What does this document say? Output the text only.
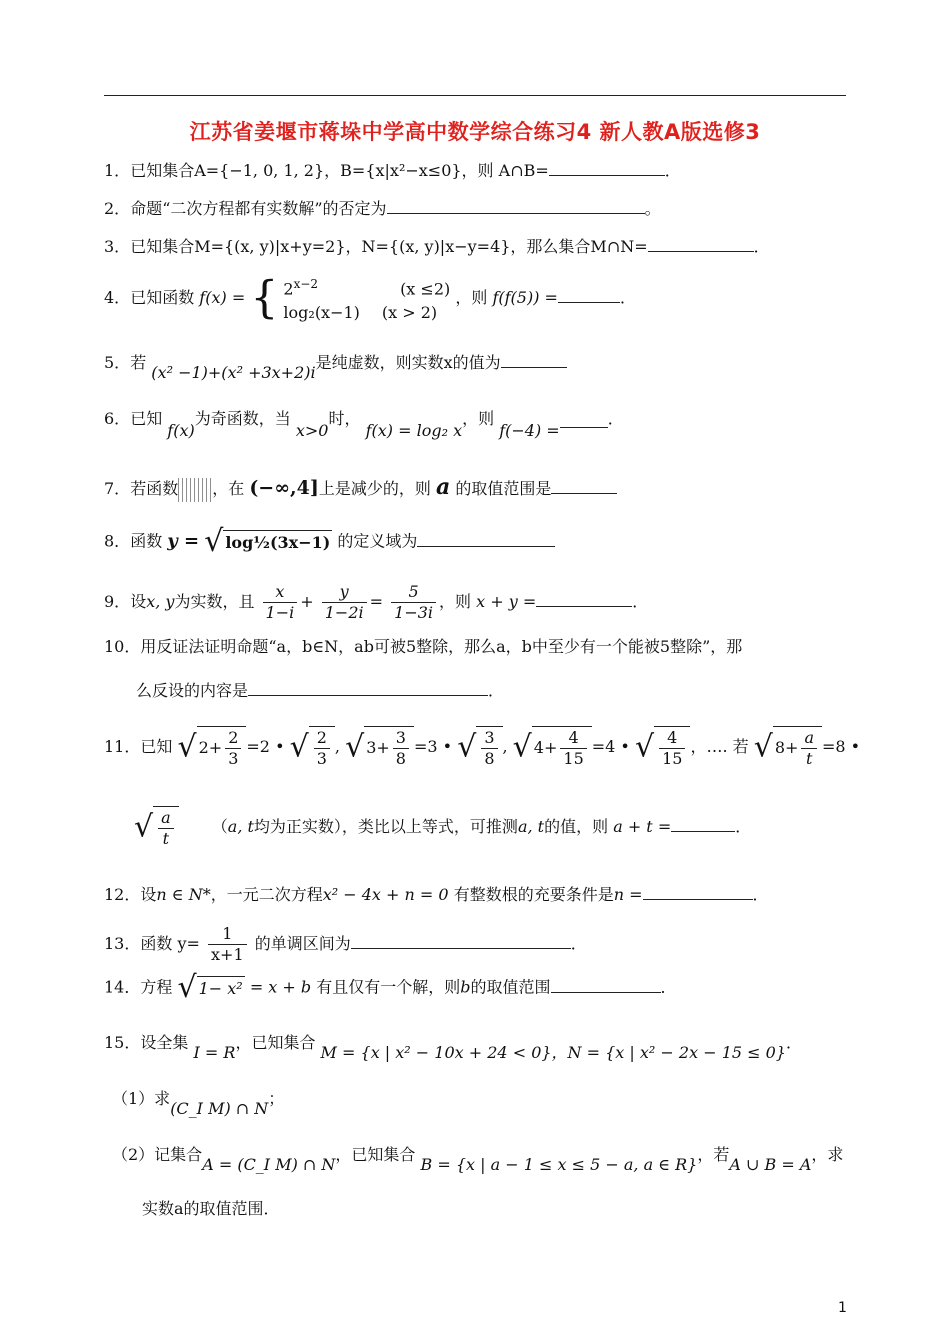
江苏省姜堰市蒋垛中学高中数学综合练习4 新人教A版选修3
1．已知集合A={−1, 0, 1, 2}，B={x|x²−x≤0}，则 A∩B=	．
2．命题“二次方程都有实数解”的否定为	。
3．已知集合M={(x, y)|x+y=2}，N={(x, y)|x−y=4}，那么集合M∩N=	．
4．已知函数 f(x) = { $2^{x-2}$	(x ≤2)
log₂(x−1) (x > 2)
，则 f(f(5)) =	．
5．若 (x² −1)+(x² +3x+2)i是纯虚数，则实数x的值为
6．已知 f(x)为奇函数，当 x>0时， f(x) = log₂ x，则 f(−4) =．
7．若函数 ，在 (−∞,4]上是减少的，则 a 的取值范围是
8．函数 y = √ log½(3x−1) 的定义域为
9．设x, y为实数，且 $\frac{x}{1-i} + \frac{y}{1-2i} = \frac{5}{1-3i}$ ，则 x + y =	．
10．用反证法证明命题“a，b∈N，ab可被5整除，那么a，b中至少有一个能被5整除”，那
么反设的内容是	．
11．已知 √ $2+ \frac{2}{3} =2$ • √ $\frac{2}{3}$ , √ $3+ \frac{3}{8} =3$ • √ $\frac{3}{8}$ , √ $4+ \frac{4}{15} =4$ • √ $\frac{4}{15}$ ，…. 若 √ $8+ \frac{a}{t} =8$ •
√ $\frac{a}{t} (a$, t均为正实数），类比以上等式，可推测a, t的值，则 a + t =	．
12．设n ∈ N*，一元二次方程x² − 4x + n = 0 有整数根的充要条件是n =	．
13．函数 $y= \frac{1}{x+1}$ 的单调区间为	．
14．方程 √ 1− x² = x + b 有且仅有一个解，则b的取值范围	．
15．设全集 I = R，已知集合 M = {x | x² − 10x + 24 < 0}，N = {x | x² − 2x − 15 ≤ 0}．
（1）求(C_I M) ∩ N；
（2）记集合A = (C_I M) ∩ N，已知集合 B = {x | a − 1 ≤ x ≤ 5 − a, a ∈ R}，若A ∪ B = A，求
实数a的取值范围．
1
